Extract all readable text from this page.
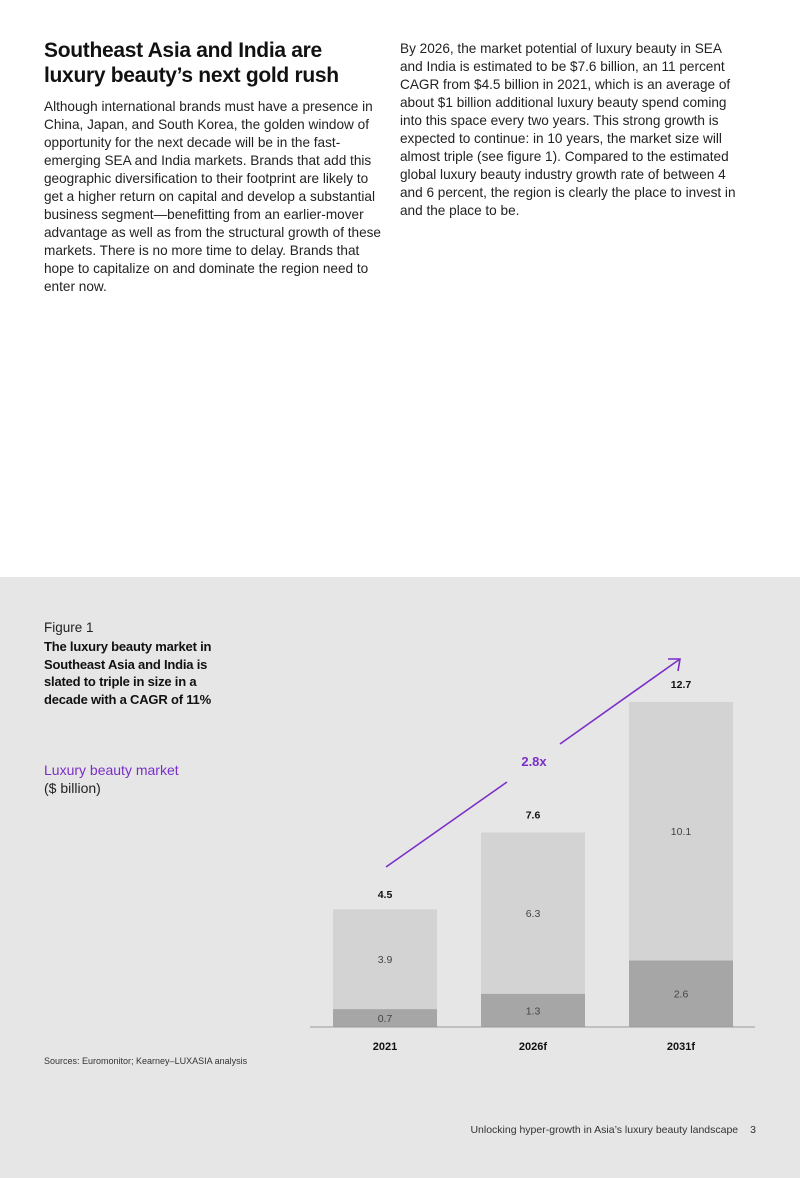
Southeast Asia and India are
luxury beauty’s next gold rush

Although international brands must have a presence in China, Japan, and South Korea, the golden window of opportunity for the next decade will be in the fast-emerging SEA and India markets. Brands that add this geographic diversification to their footprint are likely to get a higher return on capital and develop a substantial business segment—benefitting from an earlier-mover advantage as well as from the structural growth of these markets. There is no more time to delay. Brands that hope to capitalize on and dominate the region need to enter now.

By 2026, the market potential of luxury beauty in SEA and India is estimated to be $7.6 billion, an 11 percent CAGR from $4.5 billion in 2021, which is an average of about $1 billion additional luxury beauty spend coming into this space every two years. This strong growth is expected to continue: in 10 years, the market size will almost triple (see figure 1). Compared to the estimated global luxury beauty industry growth rate of between 4 and 6 percent, the region is clearly the place to invest in and the place to be.

Figure 1
The luxury beauty market in Southeast Asia and India is slated to triple in size in a decade with a CAGR of 11%
Luxury beauty market
($ billion)
0.7
3.9
4.5
2021
1.3
6.3
7.6
2026f
2.6
10.1
12.7
2031f
2.8x
Sources: Euromonitor; Kearney–LUXASIA analysis
Unlocking hyper-growth in Asia’s luxury beauty landscape 3
